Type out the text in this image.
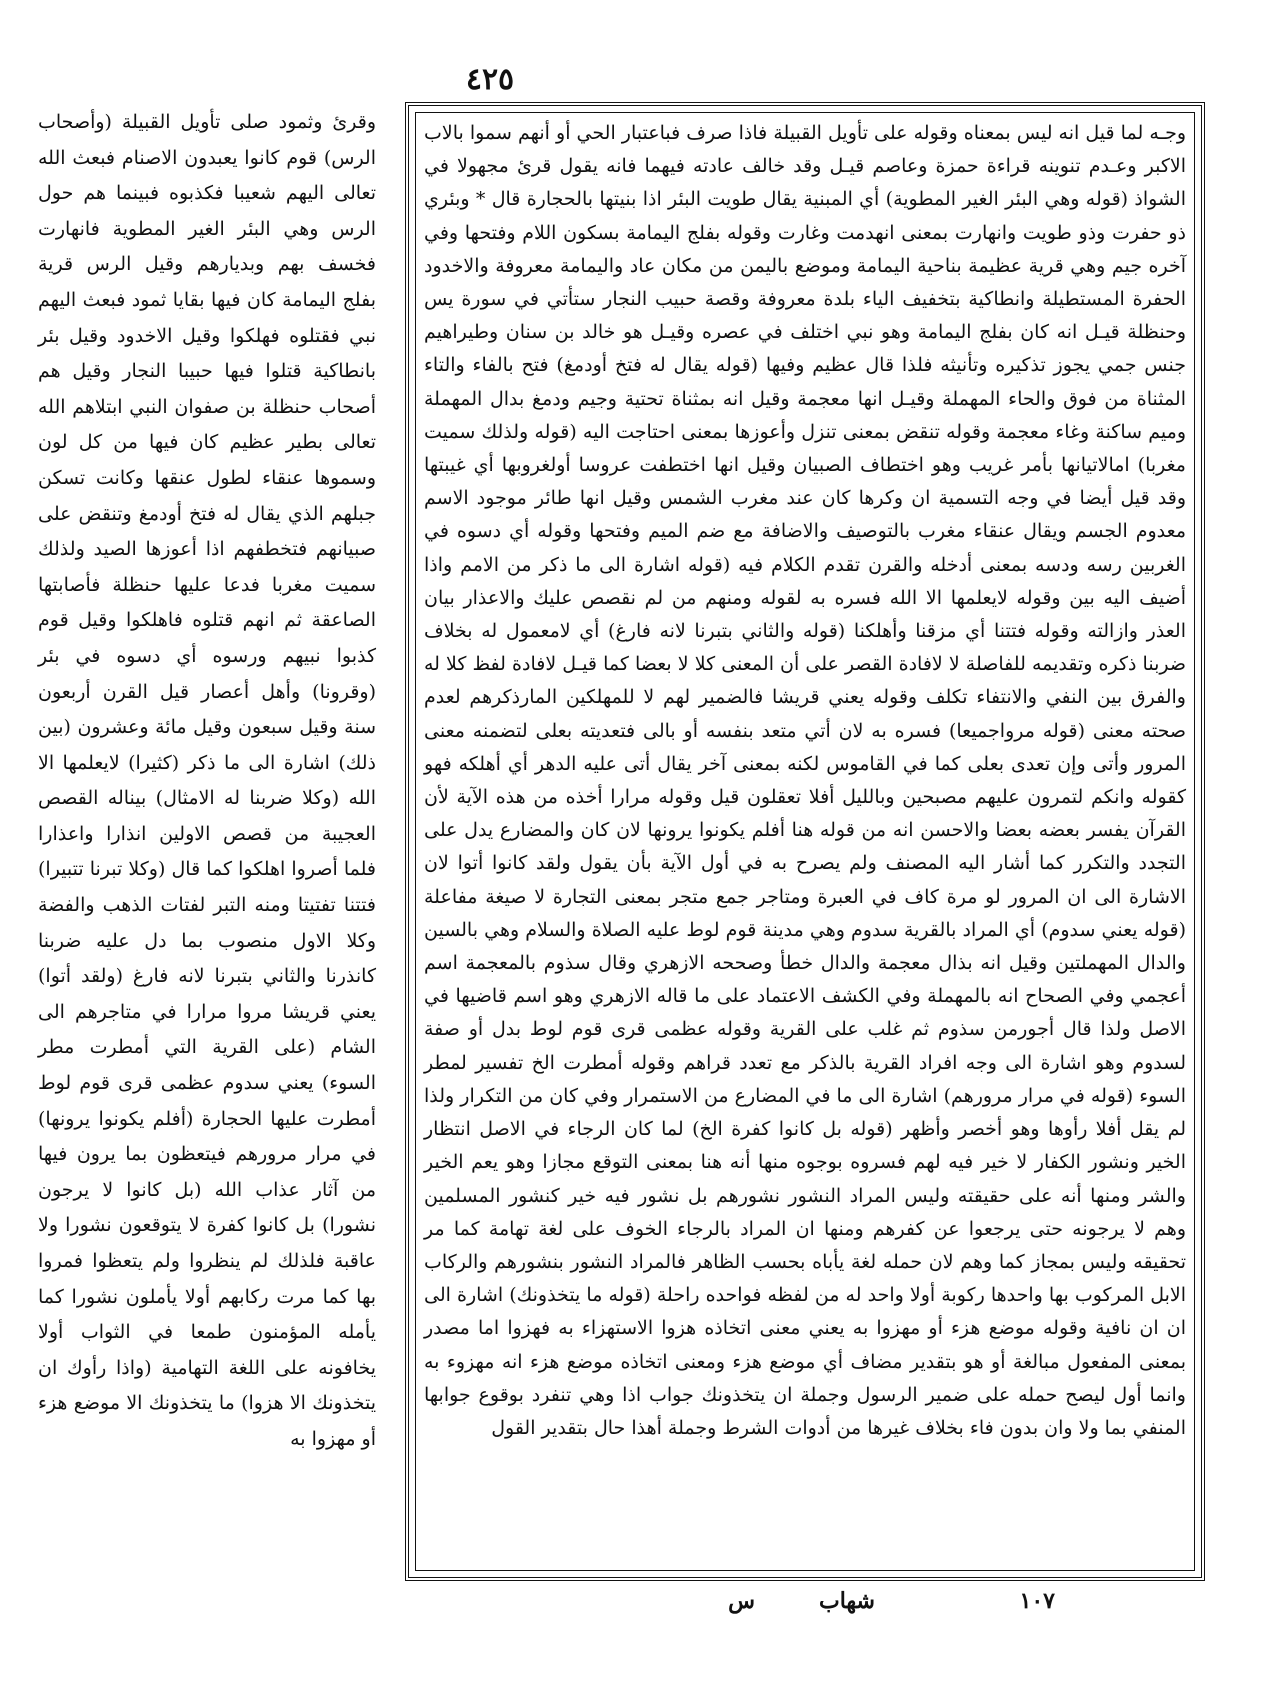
٤٢٥
وقرئ وثمود صلى تأويل القبيلة (وأصحاب الرس) قوم كانوا يعبدون الاصنام فبعث الله تعالى اليهم شعيبا فكذبوه فبينما هم حول الرس وهي البئر الغير المطوية فانهارت فخسف بهم وبديارهم وقيل الرس قرية بفلج اليمامة كان فيها بقايا ثمود فبعث اليهم نبي فقتلوه فهلكوا وقيل الاخدود وقيل بئر بانطاكية قتلوا فيها حبيبا النجار وقيل هم أصحاب حنظلة بن صفوان النبي ابتلاهم الله تعالى بطير عظيم كان فيها من كل لون وسموها عنقاء لطول عنقها وكانت تسكن جبلهم الذي يقال له فتخ أودمغ وتنقض على صبيانهم فتخطفهم اذا أعوزها الصيد ولذلك سميت مغربا فدعا عليها حنظلة فأصابتها الصاعقة ثم انهم قتلوه فاهلكوا وقيل قوم كذبوا نبيهم ورسوه أي دسوه في بئر (وقرونا) وأهل أعصار قيل القرن أربعون سنة وقيل سبعون وقيل مائة وعشرون (بين ذلك) اشارة الى ما ذكر (كثيرا) لايعلمها الا الله (وكلا ضربنا له الامثال) بيناله القصص العجيبة من قصص الاولين انذارا واعذارا فلما أصروا اهلكوا كما قال (وكلا تبرنا تتبيرا) فتتنا تفتيتا ومنه التبر لفتات الذهب والفضة وكلا الاول منصوب بما دل عليه ضربنا كانذرنا والثاني بتبرنا لانه فارغ (ولقد أتوا) يعني قريشا مروا مرارا في متاجرهم الى الشام (على القرية التي أمطرت مطر السوء) يعني سدوم عظمى قرى قوم لوط أمطرت عليها الحجارة (أفلم يكونوا يرونها) في مرار مرورهم فيتعظون بما يرون فيها من آثار عذاب الله (بل كانوا لا يرجون نشورا) بل كانوا كفرة لا يتوقعون نشورا ولا عاقبة فلذلك لم ينظروا ولم يتعظوا فمروا بها كما مرت ركابهم أولا يأملون نشورا كما يأمله المؤمنون طمعا في الثواب أولا يخافونه على اللغة التهامية (واذا رأوك ان يتخذونك الا هزوا) ما يتخذونك الا موضع هزء أو مهزوا به
وجـه لما قيل انه ليس بمعناه وقوله على تأويل القبيلة فاذا صرف فباعتبار الحي أو أنهم سموا بالاب الاكبر وعـدم تنوينه قراءة حمزة وعاصم قيـل وقد خالف عادته فيهما فانه يقول قرئ مجهولا في الشواذ (قوله وهي البئر الغير المطوية) أي المبنية يقال طويت البئر اذا بنيتها بالحجارة قال * وبئري ذو حفرت وذو طويت وانهارت بمعنى انهدمت وغارت وقوله بفلج اليمامة بسكون اللام وفتحها وفي آخره جيم وهي قرية عظيمة بناحية اليمامة وموضع باليمن من مكان عاد واليمامة معروفة والاخدود الحفرة المستطيلة وانطاكية بتخفيف الياء بلدة معروفة وقصة حبيب النجار ستأتي في سورة يس وحنظلة قيـل انه كان بفلج اليمامة وهو نبي اختلف في عصره وقيـل هو خالد بن سنان وطيراهيم جنس جمي يجوز تذكيره وتأنيثه فلذا قال عظيم وفيها (قوله يقال له فتخ أودمغ) فتح بالفاء والتاء المثناة من فوق والحاء المهملة وقيـل انها معجمة وقيل انه بمثناة تحتية وجيم ودمغ بدال المهملة وميم ساكنة وغاء معجمة وقوله تنقض بمعنى تنزل وأعوزها بمعنى احتاجت اليه (قوله ولذلك سميت مغربا) امالاتيانها بأمر غريب وهو اختطاف الصبيان وقيل انها اختطفت عروسا أولغروبها أي غيبتها وقد قيل أيضا في وجه التسمية ان وكرها كان عند مغرب الشمس وقيل انها طائر موجود الاسم معدوم الجسم ويقال عنقاء مغرب بالتوصيف والاضافة مع ضم الميم وفتحها وقوله أي دسوه في الغربين رسه ودسه بمعنى أدخله والقرن تقدم الكلام فيه (قوله اشارة الى ما ذكر من الامم واذا أضيف اليه بين وقوله لايعلمها الا الله فسره به لقوله ومنهم من لم نقصص عليك والاعذار بيان العذر وازالته وقوله فتتنا أي مزقنا وأهلكنا (قوله والثاني بتبرنا لانه فارغ) أي لامعمول له بخلاف ضربنا ذكره وتقديمه للفاصلة لا لافادة القصر على أن المعنى كلا لا بعضا كما قيـل لافادة لفظ كلا له والفرق بين النفي والانتفاء تكلف وقوله يعني قريشا فالضمير لهم لا للمهلكين المارذكرهم لعدم صحته معنى (قوله مرواجميعا) فسره به لان أتي متعد بنفسه أو بالى فتعديته بعلى لتضمنه معنى المرور وأتى وإن تعدى بعلى كما في القاموس لكنه بمعنى آخر يقال أتى عليه الدهر أي أهلكه فهو كقوله وانكم لتمرون عليهم مصبحين وبالليل أفلا تعقلون قيل وقوله مرارا أخذه من هذه الآية لأن القرآن يفسر بعضه بعضا والاحسن انه من قوله هنا أفلم يكونوا يرونها لان كان والمضارع يدل على التجدد والتكرر كما أشار اليه المصنف ولم يصرح به في أول الآية بأن يقول ولقد كانوا أتوا لان الاشارة الى ان المرور لو مرة كاف في العبرة ومتاجر جمع متجر بمعنى التجارة لا صيغة مفاعلة (قوله يعني سدوم) أي المراد بالقرية سدوم وهي مدينة قوم لوط عليه الصلاة والسلام وهي بالسين والدال المهملتين وقيل انه بذال معجمة والدال خطأ وصححه الازهري وقال سذوم بالمعجمة اسم أعجمي وفي الصحاح انه بالمهملة وفي الكشف الاعتماد على ما قاله الازهري وهو اسم قاضيها في الاصل ولذا قال أجورمن سذوم ثم غلب على القرية وقوله عظمى قرى قوم لوط بدل أو صفة لسدوم وهو اشارة الى وجه افراد القرية بالذكر مع تعدد قراهم وقوله أمطرت الخ تفسير لمطر السوء (قوله في مرار مرورهم) اشارة الى ما في المضارع من الاستمرار وفي كان من التكرار ولذا لم يقل أفلا رأوها وهو أخصر وأظهر (قوله بل كانوا كفرة الخ) لما كان الرجاء في الاصل انتظار الخير ونشور الكفار لا خير فيه لهم فسروه بوجوه منها أنه هنا بمعنى التوقع مجازا وهو يعم الخير والشر ومنها أنه على حقيقته وليس المراد النشور نشورهم بل نشور فيه خير كنشور المسلمين وهم لا يرجونه حتى يرجعوا عن كفرهم ومنها ان المراد بالرجاء الخوف على لغة تهامة كما مر تحقيقه وليس بمجاز كما وهم لان حمله لغة يأباه بحسب الظاهر فالمراد النشور بنشورهم والركاب الابل المركوب بها واحدها ركوبة أولا واحد له من لفظه فواحده راحلة (قوله ما يتخذونك) اشارة الى ان ان نافية وقوله موضع هزء أو مهزوا به يعني معنى اتخاذه هزوا الاستهزاء به فهزوا اما مصدر بمعنى المفعول مبالغة أو هو بتقدير مضاف أي موضع هزء ومعنى اتخاذه موضع هزء انه مهزوء به وانما أول ليصح حمله على ضمير الرسول وجملة ان يتخذونك جواب اذا وهي تنفرد بوقوع جوابها المنفي بما ولا وان بدون فاء بخلاف غيرها من أدوات الشرط وجملة أهذا حال بتقدير القول
١٠٧
شهاب
س
